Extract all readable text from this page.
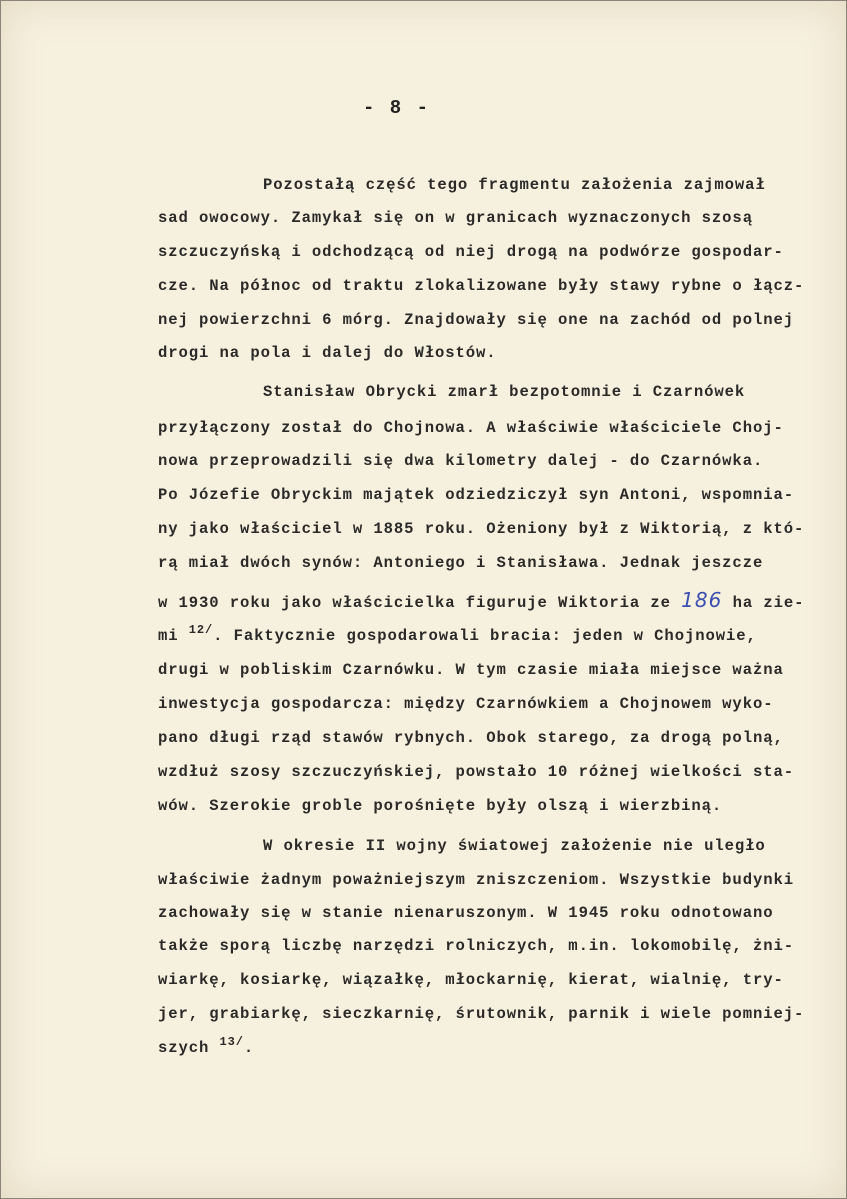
- 8 -
Pozostałą część tego fragmentu założenia zajmował
sad owocowy. Zamykał się on w granicach wyznaczonych szosą
szczuczyńską i odchodzącą od niej drogą na podwórze gospodar-
cze. Na północ od traktu zlokalizowane były stawy rybne o łącz-
nej powierzchni 6 mórg. Znajdowały się one na zachód od polnej
drogi na pola i dalej do Włostów.
Stanisław Obrycki zmarł bezpotomnie i Czarnówek
przyłączony został do Chojnowa. A właściwie właściciele Choj-
nowa przeprowadzili się dwa kilometry dalej - do Czarnówka.
Po Józefie Obryckim majątek odziedziczył syn Antoni, wspomnia-
ny jako właściciel w 1885 roku. Ożeniony był z Wiktorią, z któ-
rą miał dwóch synów: Antoniego i Stanisława. Jednak jeszcze
w 1930 roku jako właścicielka figuruje Wiktoria ze 186 ha zie-
mi $^{12/}$. Faktycznie gospodarowali bracia: jeden w Chojnowie,
drugi w pobliskim Czarnówku. W tym czasie miała miejsce ważna
inwestycja gospodarcza: między Czarnówkiem a Chojnowem wyko-
pano długi rząd stawów rybnych. Obok starego, za drogą polną,
wzdłuż szosy szczuczyńskiej, powstało 10 różnej wielkości sta-
wów. Szerokie groble porośnięte były olszą i wierzbiną.
W okresie II wojny światowej założenie nie uległo
właściwie żadnym poważniejszym zniszczeniom. Wszystkie budynki
zachowały się w stanie nienaruszonym. W 1945 roku odnotowano
także sporą liczbę narzędzi rolniczych, m.in. lokomobilę, żni-
wiarkę, kosiarkę, wiązałkę, młockarnię, kierat, wialnię, try-
jer, grabiarkę, sieczkarnię, śrutownik, parnik i wiele pomniej-
szych $^{13/}$.
